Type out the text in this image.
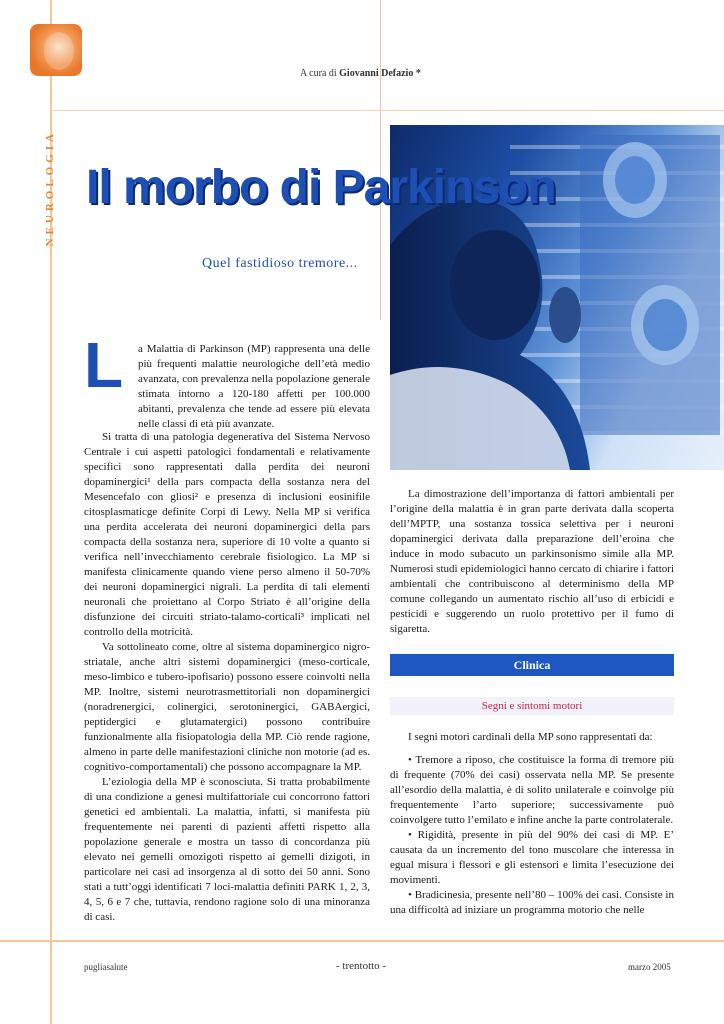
A cura di Giovanni Defazio *
NEUROLOGIA Il morbo di Parkinson
Quel fastidioso tremore...
L	a Malattia di Parkinson (MP) rappresenta una delle più frequenti malattie neurologiche dell’età medio avanzata, con prevalenza nella popolazione generale stimata intorno a 120-180 affetti per 100.000 abitanti, prevalenza che tende ad essere più elevata nelle classi di età più avanzate.

Si tratta di una patologia degenerativa del Sistema Nervoso Centrale i cui aspetti patologici fondamentali e relativamente specifici sono rappresentati dalla perdita dei neuroni dopaminergici¹ della pars compacta della sostanza nera del Mesencefalo con gliosi² e presenza di inclusioni eosinifile citosplasmaticge definite Corpi di Lewy. Nella MP si verifica una perdita accelerata dei neuroni dopaminergici della pars compacta della sostanza nera, superiore di 10 volte a quanto si verifica nell’invecchiamento cerebrale fisiologico. La MP si manifesta clinicamente quando viene perso almeno il 50-70% dei neuroni dopaminergici nigrali. La perdita di tali elementi neuronali che proiettano al Corpo Striato è all’origine della disfunzione dei circuiti striato-talamo-corticali³ implicati nel controllo della motricità.

Va sottolineato come, oltre al sistema dopaminergico nigro-striatale, anche altri sistemi dopaminergici (meso-corticale, meso-limbico e tubero-ipofisario) possono essere coinvolti nella MP. Inoltre, sistemi neurotrasmettitoriali non dopaminergici (noradrenergici, colinergici, serotoninergici, GABAergici, peptidergici e glutamatergici) possono contribuire funzionalmente alla fisiopatologia della MP. Ciò rende ragione, almeno in parte delle manifestazioni cliniche non motorie (ad es. cognitivo-comportamentali) che possono accompagnare la MP.

L’eziologia della MP è sconosciuta. Si tratta probabilmente di una condizione a genesi multifattoriale cui concorrono fattori genetici ed ambientali. La malattia, infatti, si manifesta più frequentemente nei parenti di pazienti affetti rispetto alla popolazione generale e mostra un tasso di concordanza più elevato nei gemelli omozigoti rispetto ai gemelli dizigoti, in particolare nei casi ad insorgenza al di sotto dei 50 anni. Sono stati a tutt’oggi identificati 7 loci-malattia definiti PARK 1, 2, 3, 4, 5, 6 e 7 che, tuttavia, rendono ragione solo di una minoranza di casi.

La dimostrazione dell’importanza di fattori ambientali per l’origine della malattia è in gran parte derivata dalla scoperta dell’MPTP, una sostanza tossica selettiva per i neuroni dopaminergici derivata dalla preparazione dell’eroina che induce in modo subacuto un parkinsonismo simile alla MP. Numerosi studi epidemiologici hanno cercato di chiarire i fattori ambientali che contribuiscono al determinismo della MP comune collegando un aumentato rischio all’uso di erbicidi e pesticidi e suggerendo un ruolo protettivo per il fumo di sigaretta.

Clinica
Segni e sintomi motori

I segni motori cardinali della MP sono rappresentati da:

• Tremore a riposo, che costituisce la forma di tremore più di frequente (70% dei casi) osservata nella MP. Se presente all’esordio della malattia, è di solito unilaterale e coinvolge più frequentemente l’arto superiore; successivamente può coinvolgere tutto l’emilato e infine anche la parte controlaterale.

• Rigidità, presente in più del 90% dei casi di MP. E’ causata da un incremento del tono muscolare che interessa in egual misura i flessori e gli estensori e limita l’esecuzione dei movimenti.

• Bradicinesia, presente nell’80 – 100% dei casi. Consiste in una difficoltà ad iniziare un programma motorio che nelle

pugliasalute	- trentotto -	marzo 2005
